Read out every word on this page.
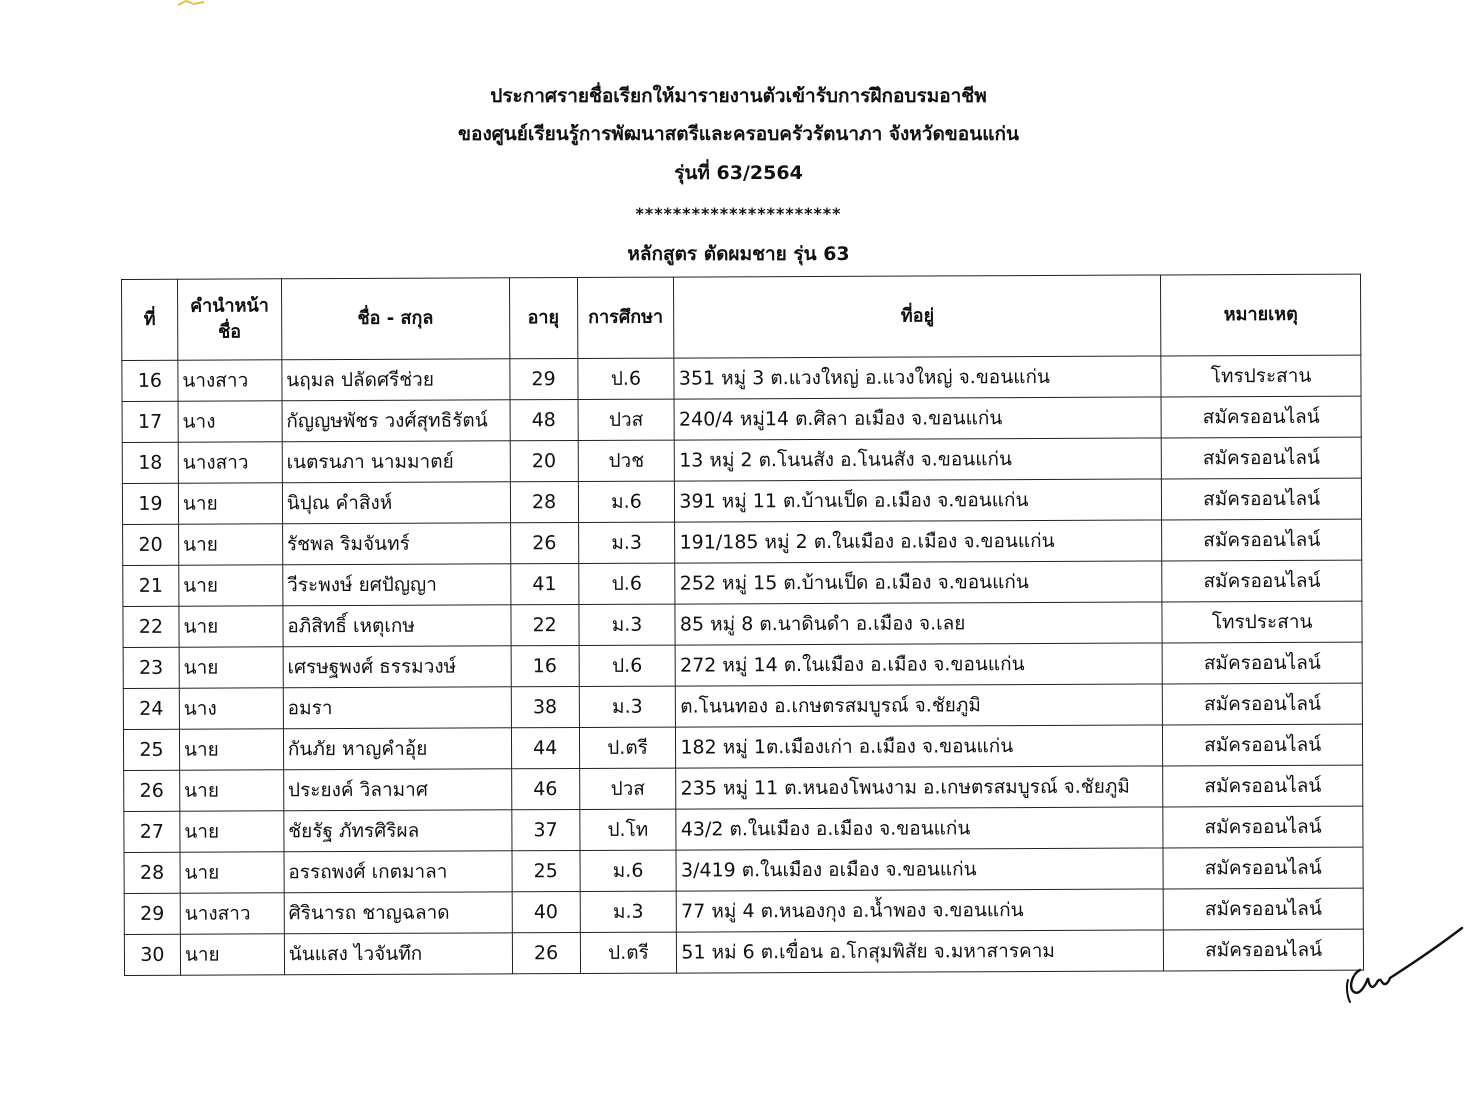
ประกาศรายชื่อเรียกให้มารายงานตัวเข้ารับการฝึกอบรมอาชีพ
ของศูนย์เรียนรู้การพัฒนาสตรีและครอบครัวรัตนาภา จังหวัดขอนแก่น
รุ่นที่ 63/2564
**********************
หลักสูตร ตัดผมชาย รุ่น 63
ที่	คำนำหน้าชื่อ	ชื่อ - สกุล	อายุ	การศึกษา	ที่อยู่	หมายเหตุ
16	นางสาว	นฤมล ปลัดศรีช่วย	29	ป.6	351 หมู่ 3 ต.แวงใหญ่ อ.แวงใหญ่ จ.ขอนแก่น	โทรประสาน
17	นาง	กัญญษพัชร วงศ์สุทธิรัตน์	48	ปวส	240/4 หมู่14 ต.ศิลา อเมือง จ.ขอนแก่น	สมัครออนไลน์
18	นางสาว	เนตรนภา นามมาตย์	20	ปวช	13 หมู่ 2 ต.โนนสัง อ.โนนสัง จ.ขอนแก่น	สมัครออนไลน์
19	นาย	นิปุณ คำสิงห์	28	ม.6	391 หมู่ 11 ต.บ้านเป็ด อ.เมือง จ.ขอนแก่น	สมัครออนไลน์
20	นาย	รัชพล ริมจันทร์	26	ม.3	191/185 หมู่ 2 ต.ในเมือง อ.เมือง จ.ขอนแก่น	สมัครออนไลน์
21	นาย	วีระพงษ์ ยศปัญญา	41	ป.6	252 หมู่ 15 ต.บ้านเป็ด อ.เมือง จ.ขอนแก่น	สมัครออนไลน์
22	นาย	อภิสิทธิ์ เหตุเกษ	22	ม.3	85 หมู่ 8 ต.นาดินดำ อ.เมือง จ.เลย	โทรประสาน
23	นาย	เศรษฐพงศ์ ธรรมวงษ์	16	ป.6	272 หมู่ 14 ต.ในเมือง อ.เมือง จ.ขอนแก่น	สมัครออนไลน์
24	นาง	อมรา	38	ม.3	ต.โนนทอง อ.เกษตรสมบูรณ์ จ.ชัยภูมิ	สมัครออนไลน์
25	นาย	กันภัย หาญคำอุ้ย	44	ป.ตรี	182 หมู่ 1ต.เมืองเก่า อ.เมือง จ.ขอนแก่น	สมัครออนไลน์
26	นาย	ประยงค์ วิลามาศ	46	ปวส	235 หมู่ 11 ต.หนองโพนงาม อ.เกษตรสมบูรณ์ จ.ชัยภูมิ	สมัครออนไลน์
27	นาย	ชัยรัฐ ภัทรศิริผล	37	ป.โท	43/2 ต.ในเมือง อ.เมือง จ.ขอนแก่น	สมัครออนไลน์
28	นาย	อรรถพงศ์ เกตมาลา	25	ม.6	3/419 ต.ในเมือง อเมือง จ.ขอนแก่น	สมัครออนไลน์
29	นางสาว	ศิรินารถ ชาญฉลาด	40	ม.3	77 หมู่ 4 ต.หนองกุง อ.น้ำพอง จ.ขอนแก่น	สมัครออนไลน์
30	นาย	นันแสง ไวจันทึก	26	ป.ตรี	51 หม่ 6 ต.เขื่อน อ.โกสุมพิสัย จ.มหาสารคาม	สมัครออนไลน์
